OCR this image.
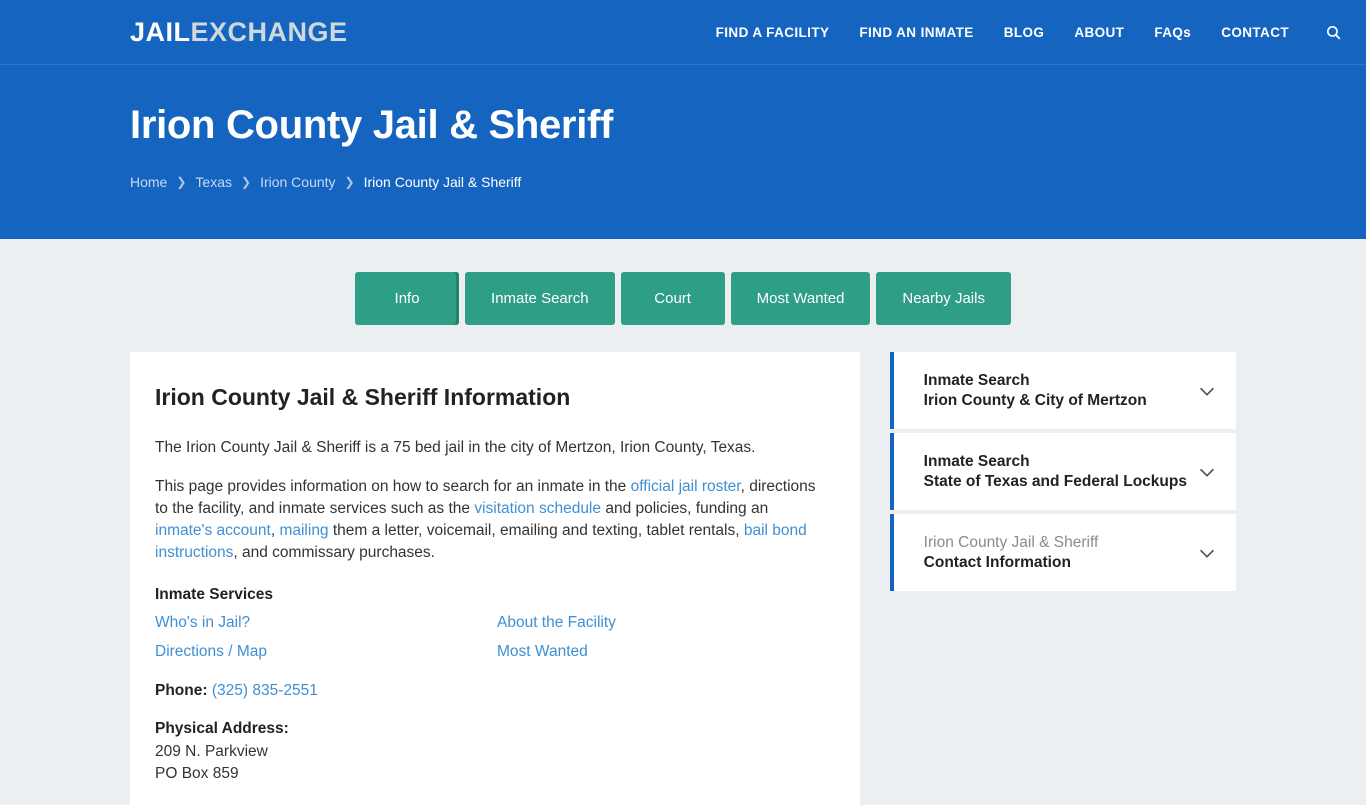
JAILEXCHANGE	FIND A FACILITY FIND AN INMATE BLOG ABOUT FAQs CONTACT
Irion County Jail & Sheriff
Home ❯ Texas ❯ Irion County ❯ Irion County Jail & Sheriff
Info	Inmate Search	Court	Most Wanted	Nearby Jails
Irion County Jail & Sheriff Information

The Irion County Jail & Sheriff is a 75 bed jail in the city of Mertzon, Irion County, Texas.

This page provides information on how to search for an inmate in the official jail roster, directions to the facility, and inmate services such as the visitation schedule and policies, funding an inmate's account, mailing them a letter, voicemail, emailing and texting, tablet rentals, bail bond instructions, and commissary purchases.

Inmate Services
Who's in Jail?	About the Facility
Directions / Map	Most Wanted
Phone: (325) 835-2551
Physical Address:
209 N. Parkview
PO Box 859
Inmate Search
Irion County & City of Mertzon
Inmate Search
State of Texas and Federal Lockups
Irion County Jail & Sheriff
Contact Information
